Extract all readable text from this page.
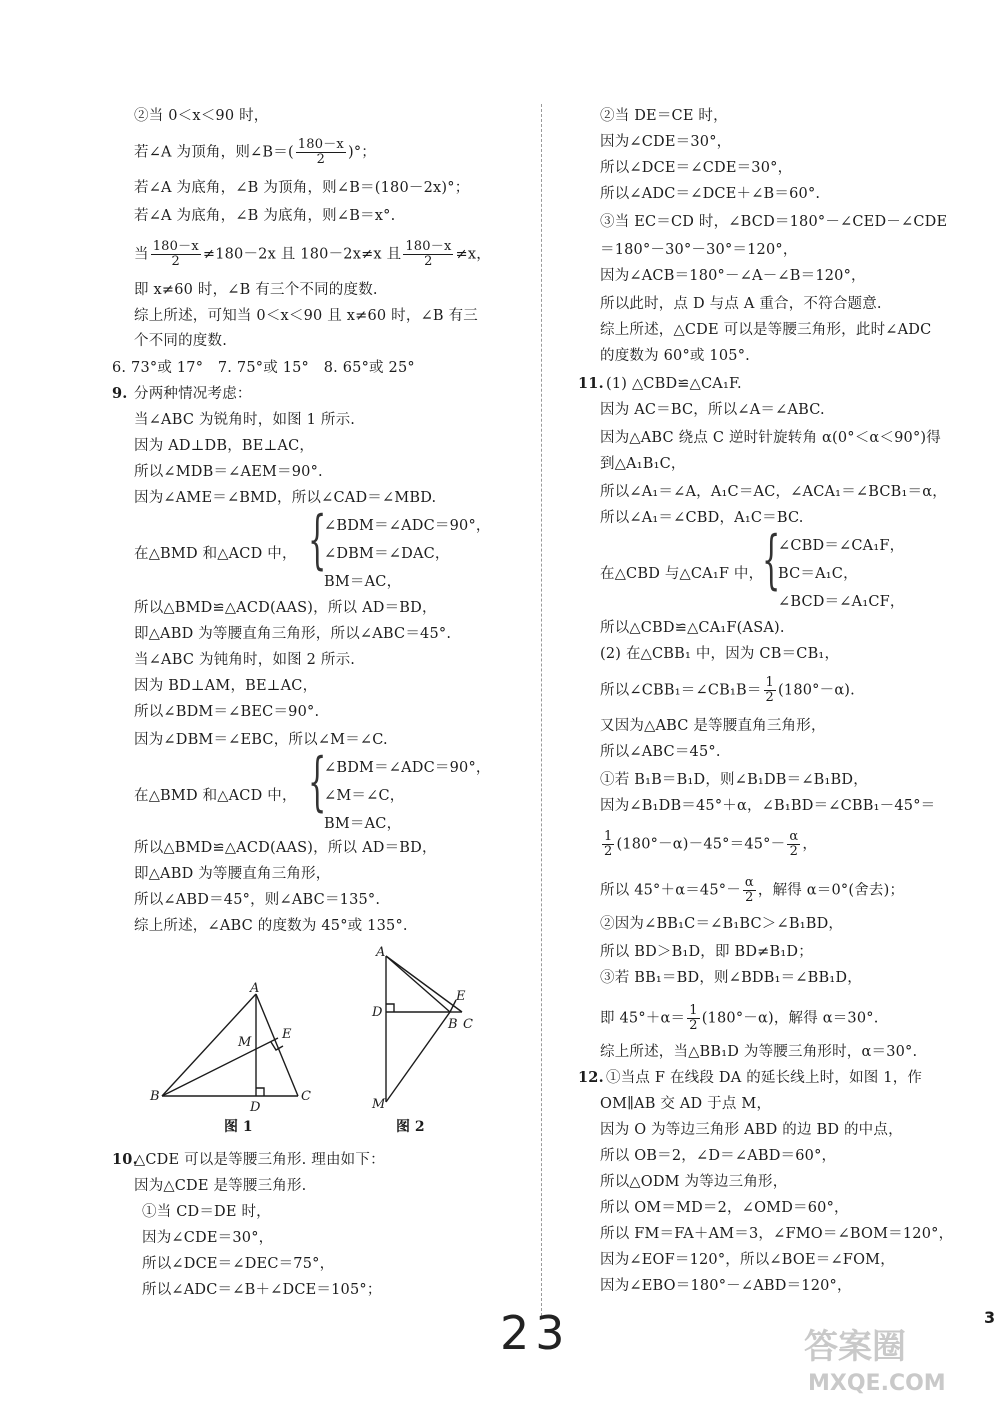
②当 0＜x＜90 时，
若∠A 为顶角，则∠B＝( $\frac{180-x}{2}$ )°；
若∠A 为底角，∠B 为顶角，则∠B＝(180－2x)°；
若∠A 为底角，∠B 为底角，则∠B＝x°.
当 $\frac{180-x}{2} \ne 180-2x$ 且 180－2x≠x 且 $\frac{180-x}{2} \ne x$，
即 x≠60 时，∠B 有三个不同的度数.
综上所述，可知当 0＜x＜90 且 x≠60 时，∠B 有三
个不同的度数.
6. 73°或 17°　7. 75°或 15°　8. 65°或 25°
9. 分两种情况考虑：
当∠ABC 为锐角时，如图 1 所示.
因为 AD⊥DB，BE⊥AC，
所以∠MDB＝∠AEM＝90°.
因为∠AME＝∠BMD，所以∠CAD＝∠MBD.
在△BMD 和△ACD 中， {
∠BDM＝∠ADC＝90°，
∠DBM＝∠DAC，
BM＝AC，
所以△BMD≌△ACD(AAS)，所以 AD＝BD，
即△ABD 为等腰直角三角形，所以∠ABC＝45°.
当∠ABC 为钝角时，如图 2 所示.
因为 BD⊥AM，BE⊥AC，
所以∠BDM＝∠BEC＝90°.
因为∠DBM＝∠EBC，所以∠M＝∠C.
在△BMD 和△ACD 中， {
∠BDM＝∠ADC＝90°，
∠M＝∠C，
BM＝AC，
所以△BMD≌△ACD(AAS)，所以 AD＝BD，
即△ABD 为等腰直角三角形，
所以∠ABD＝45°，则∠ABC＝135°.
综上所述，∠ABC 的度数为 45°或 135°.
A
B	C
D
E
M
图 1
A
B C
D
E
M
图 2
10.
△CDE 可以是等腰三角形. 理由如下：
因为△CDE 是等腰三角形.
①当 CD＝DE 时，
因为∠CDE＝30°，
所以∠DCE＝∠DEC＝75°，
所以∠ADC＝∠B＋∠DCE＝105°；
②当 DE＝CE 时，
因为∠CDE＝30°，
所以∠DCE＝∠CDE＝30°，
所以∠ADC＝∠DCE＋∠B＝60°.
③当 EC＝CD 时，∠BCD＝180°－∠CED－∠CDE
＝180°－30°－30°＝120°，
因为∠ACB＝180°－∠A－∠B＝120°，
所以此时，点 D 与点 A 重合，不符合题意.
综上所述，△CDE 可以是等腰三角形，此时∠ADC
的度数为 60°或 105°.
11. (1) △CBD≌△CA₁F.
因为 AC＝BC，所以∠A＝∠ABC.
因为△ABC 绕点 C 逆时针旋转角 α(0°＜α＜90°)得
到△A₁B₁C，
所以∠A₁＝∠A，A₁C＝AC，∠ACA₁＝∠BCB₁＝α，
所以∠A₁＝∠CBD，A₁C＝BC.
在△CBD 与△CA₁F 中，
{
∠CBD＝∠CA₁F，
BC＝A₁C，
∠BCD＝∠A₁CF，
所以△CBD≌△CA₁F(ASA).
(2) 在△CBB₁ 中，因为 CB＝CB₁，
所以∠CBB₁＝∠CB₁B＝ $\frac{1}{2} (180^\circ-\alpha)$.
又因为△ABC 是等腰直角三角形，
所以∠ABC＝45°.
①若 B₁B＝B₁D，则∠B₁DB＝∠B₁BD，
因为∠B₁DB＝45°＋α，∠B₁BD＝∠CBB₁－45°＝
$\frac{1}{2} (180^\circ-\alpha)-45^\circ=45^\circ- \frac{\alpha}{2}$ ，
所以 $45^\circ+\alpha=45^\circ- \frac{\alpha}{2}$ ，解得 α＝0°(舍去)；
②因为∠BB₁C＝∠B₁BC＞∠B₁BD，
所以 BD＞B₁D，即 BD≠B₁D；
③若 BB₁＝BD，则∠BDB₁＝∠BB₁D，
即 $45^\circ+\alpha= \frac{1}{2} (180^\circ-\alpha)$，解得 α＝30°.
综上所述，当△BB₁D 为等腰三角形时，α＝30°.
12. ①当点 F 在线段 DA 的延长线上时，如图 1，作
OM∥AB 交 AD 于点 M，
因为 O 为等边三角形 ABD 的边 BD 的中点，
所以 OB＝2，∠D＝∠ABD＝60°，
所以△ODM 为等边三角形，
所以 OM＝MD＝2，∠OMD＝60°，
所以 FM＝FA＋AM＝3，∠FMO＝∠BOM＝120°，
因为∠EOF＝120°，所以∠BOE＝∠FOM，
因为∠EBO＝180°－∠ABD＝120°，
23	3
答案圈
MXQE.COM
